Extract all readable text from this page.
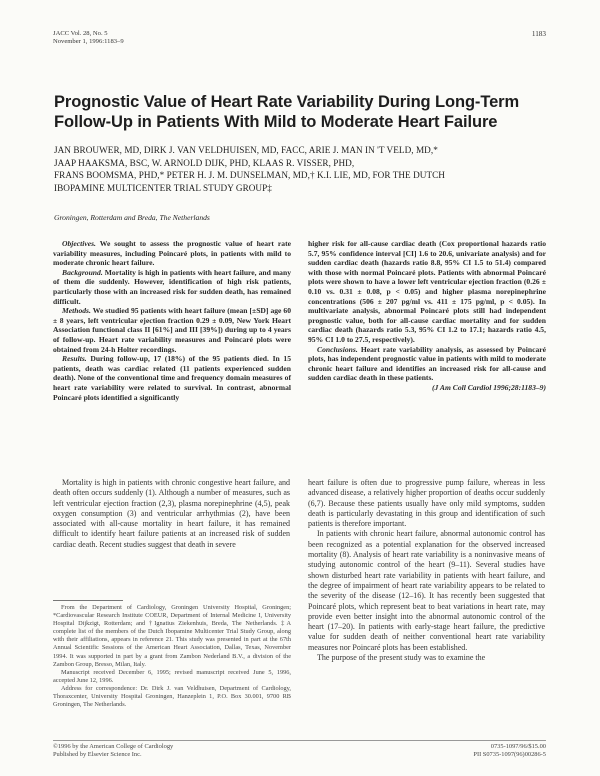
JACC Vol. 28, No. 5
November 1, 1996:1183–9
1183
Prognostic Value of Heart Rate Variability During Long-Term Follow-Up in Patients With Mild to Moderate Heart Failure
JAN BROUWER, MD, DIRK J. VAN VELDHUISEN, MD, FACC, ARIE J. MAN IN 'T VELD, MD,*
JAAP HAAKSMA, BSC, W. ARNOLD DIJK, PHD, KLAAS R. VISSER, PHD,
FRANS BOOMSMA, PHD,* PETER H. J. M. DUNSELMAN, MD,† K.I. LIE, MD, FOR THE DUTCH
IBOPAMINE MULTICENTER TRIAL STUDY GROUP‡
Groningen, Rotterdam and Breda, The Netherlands
Objectives. We sought to assess the prognostic value of heart rate variability measures, including Poincaré plots, in patients with mild to moderate chronic heart failure.
Background. Mortality is high in patients with heart failure, and many of them die suddenly. However, identification of high risk patients, particularly those with an increased risk for sudden death, has remained difficult.
Methods. We studied 95 patients with heart failure (mean [±SD] age 60 ± 8 years, left ventricular ejection fraction 0.29 ± 0.09, New York Heart Association functional class II [61%] and III [39%]) during up to 4 years of follow-up. Heart rate variability measures and Poincaré plots were obtained from 24-h Holter recordings.
Results. During follow-up, 17 (18%) of the 95 patients died. In 15 patients, death was cardiac related (11 patients experienced sudden death). None of the conventional time and frequency domain measures of heart rate variability were related to survival. In contrast, abnormal Poincaré plots identified a significantly
higher risk for all-cause cardiac death (Cox proportional hazards ratio 5.7, 95% confidence interval [CI] 1.6 to 20.6, univariate analysis) and for sudden cardiac death (hazards ratio 8.8, 95% CI 1.5 to 51.4) compared with those with normal Poincaré plots. Patients with abnormal Poincaré plots were shown to have a lower left ventricular ejection fraction (0.26 ± 0.10 vs. 0.31 ± 0.08, p < 0.05) and higher plasma norepinephrine concentrations (506 ± 207 pg/ml vs. 411 ± 175 pg/ml, p < 0.05). In multivariate analysis, abnormal Poincaré plots still had independent prognostic value, both for all-cause cardiac mortality and for sudden cardiac death (hazards ratio 5.3, 95% CI 1.2 to 17.1; hazards ratio 4.5, 95% CI 1.0 to 27.5, respectively).
Conclusions. Heart rate variability analysis, as assessed by Poincaré plots, has independent prognostic value in patients with mild to moderate chronic heart failure and identifies an increased risk for all-cause and sudden cardiac death in these patients.
(J Am Coll Cardiol 1996;28:1183–9)
Mortality is high in patients with chronic congestive heart failure, and death often occurs suddenly (1). Although a number of measures, such as left ventricular ejection fraction (2,3), plasma norepinephrine (4,5), peak oxygen consumption (3) and ventricular arrhythmias (2), have been associated with all-cause mortality in heart failure, it has remained difficult to identify heart failure patients at an increased risk of sudden cardiac death. Recent studies suggest that death in severe
heart failure is often due to progressive pump failure, whereas in less advanced disease, a relatively higher proportion of deaths occur suddenly (6,7). Because these patients usually have only mild symptoms, sudden death is particularly devastating in this group and identification of such patients is therefore important.
In patients with chronic heart failure, abnormal autonomic control has been recognized as a potential explanation for the observed increased mortality (8). Analysis of heart rate variability is a noninvasive means of studying autonomic control of the heart (9–11). Several studies have shown disturbed heart rate variability in patients with heart failure, and the degree of impairment of heart rate variability appears to be related to the severity of the disease (12–16). It has recently been suggested that Poincaré plots, which represent beat to beat variations in heart rate, may provide even better insight into the abnormal autonomic control of the heart (17–20). In patients with early-stage heart failure, the predictive value for sudden death of neither conventional heart rate variability measures nor Poincaré plots has been established.
The purpose of the present study was to examine the

From the Department of Cardiology, Groningen University Hospital, Groningen; *Cardiovascular Research Institute COEUR, Department of Internal Medicine I, University Hospital Dijkzigt, Rotterdam; and †Ignatius Ziekenhuis, Breda, The Netherlands. ‡A complete list of the members of the Dutch Ibopamine Multicenter Trial Study Group, along with their affiliations, appears in reference 21. This study was presented in part at the 67th Annual Scientific Sessions of the American Heart Association, Dallas, Texas, November 1994. It was supported in part by a grant from Zambon Nederland B.V., a division of the Zambon Group, Bresso, Milan, Italy.

Manuscript received December 6, 1995; revised manuscript received June 5, 1996, accepted June 12, 1996.

Address for correspondence: Dr. Dirk J. van Veldhuisen, Department of Cardiology, Thoraxcenter, University Hospital Groningen, Hanzeplein 1, P.O. Box 30.001, 9700 RB Groningen, The Netherlands.

©1996 by the American College of Cardiology
Published by Elsevier Science Inc.
0735-1097/96/$15.00
PII S0735-1097(96)00286-5
